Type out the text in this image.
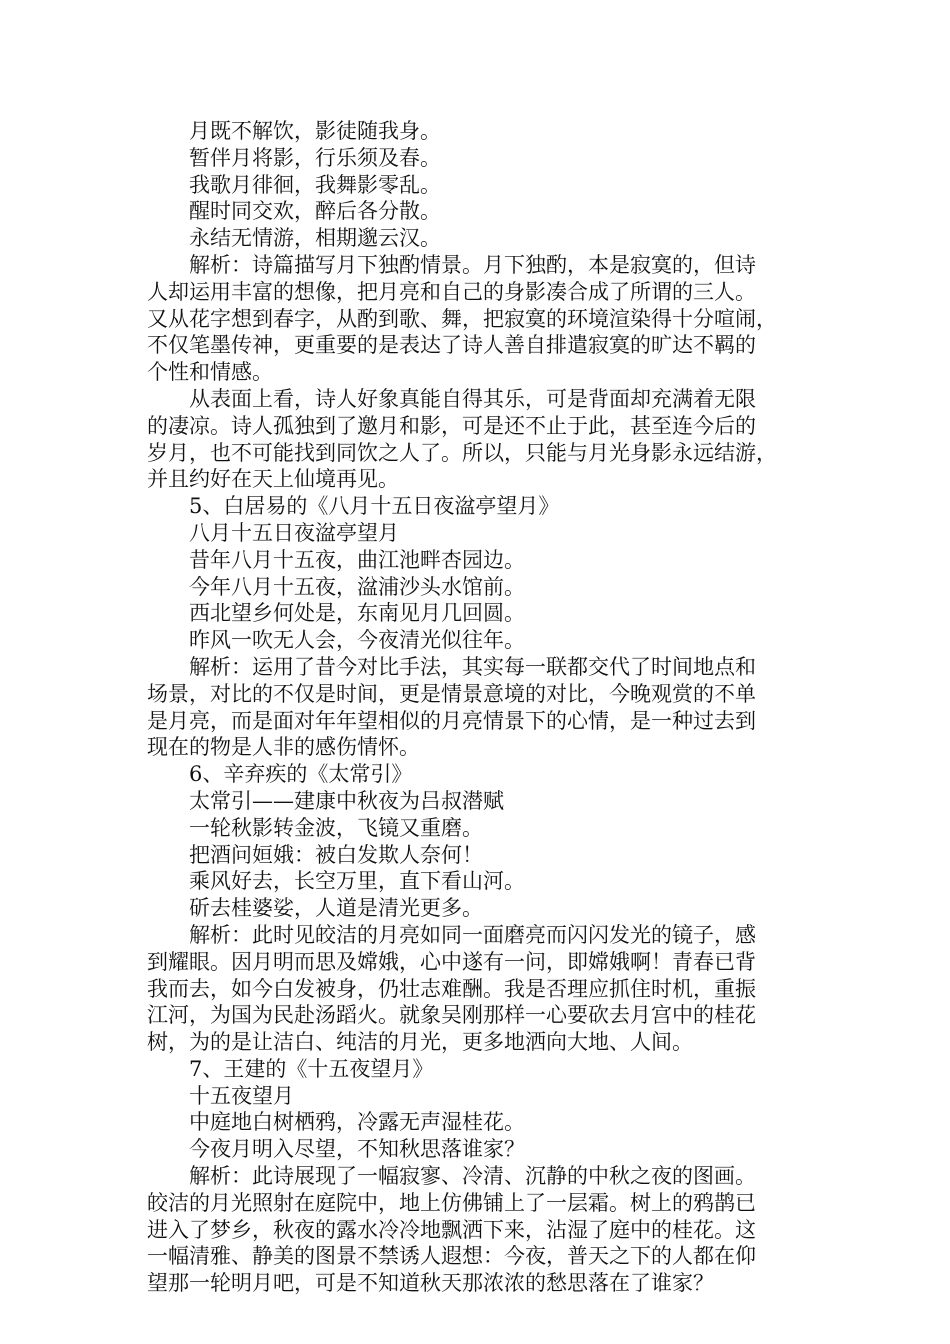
月既不解饮，影徒随我身。
暂伴月将影，行乐须及春。
我歌月徘徊，我舞影零乱。
醒时同交欢，醉后各分散。
永结无情游，相期邈云汉。
解析：诗篇描写月下独酌情景。月下独酌，本是寂寞的，但诗
人却运用丰富的想像，把月亮和自己的身影凑合成了所谓的三人。
又从花字想到春字，从酌到歌、舞，把寂寞的环境渲染得十分喧闹，
不仅笔墨传神，更重要的是表达了诗人善自排遣寂寞的旷达不羁的
个性和情感。
从表面上看，诗人好象真能自得其乐，可是背面却充满着无限
的凄凉。诗人孤独到了邀月和影，可是还不止于此，甚至连今后的
岁月，也不可能找到同饮之人了。所以，只能与月光身影永远结游，
并且约好在天上仙境再见。
5、白居易的《八月十五日夜湓亭望月》
八月十五日夜湓亭望月
昔年八月十五夜，曲江池畔杏园边。
今年八月十五夜，湓浦沙头水馆前。
西北望乡何处是，东南见月几回圆。
昨风一吹无人会，今夜清光似往年。
解析：运用了昔今对比手法，其实每一联都交代了时间地点和
场景，对比的不仅是时间，更是情景意境的对比，今晚观赏的不单
是月亮，而是面对年年望相似的月亮情景下的心情，是一种过去到
现在的物是人非的感伤情怀。
6、辛弃疾的《太常引》
太常引——建康中秋夜为吕叔潜赋
一轮秋影转金波，飞镜又重磨。
把酒问姮娥：被白发欺人奈何！
乘风好去，长空万里，直下看山河。
斫去桂婆娑，人道是清光更多。
解析：此时见皎洁的月亮如同一面磨亮而闪闪发光的镜子，感
到耀眼。因月明而思及嫦娥，心中遂有一问，即嫦娥啊！青春已背
我而去，如今白发被身，仍壮志难酬。我是否理应抓住时机，重振
江河，为国为民赴汤蹈火。就象吴刚那样一心要砍去月宫中的桂花
树，为的是让洁白、纯洁的月光，更多地洒向大地、人间。
7、王建的《十五夜望月》
十五夜望月
中庭地白树栖鸦，冷露无声湿桂花。
今夜月明入尽望，不知秋思落谁家？
解析：此诗展现了一幅寂寥、冷清、沉静的中秋之夜的图画。
皎洁的月光照射在庭院中，地上仿佛铺上了一层霜。树上的鸦鹊已
进入了梦乡，秋夜的露水冷冷地飘洒下来，沾湿了庭中的桂花。这
一幅清雅、静美的图景不禁诱人遐想：今夜，普天之下的人都在仰
望那一轮明月吧，可是不知道秋天那浓浓的愁思落在了谁家？
